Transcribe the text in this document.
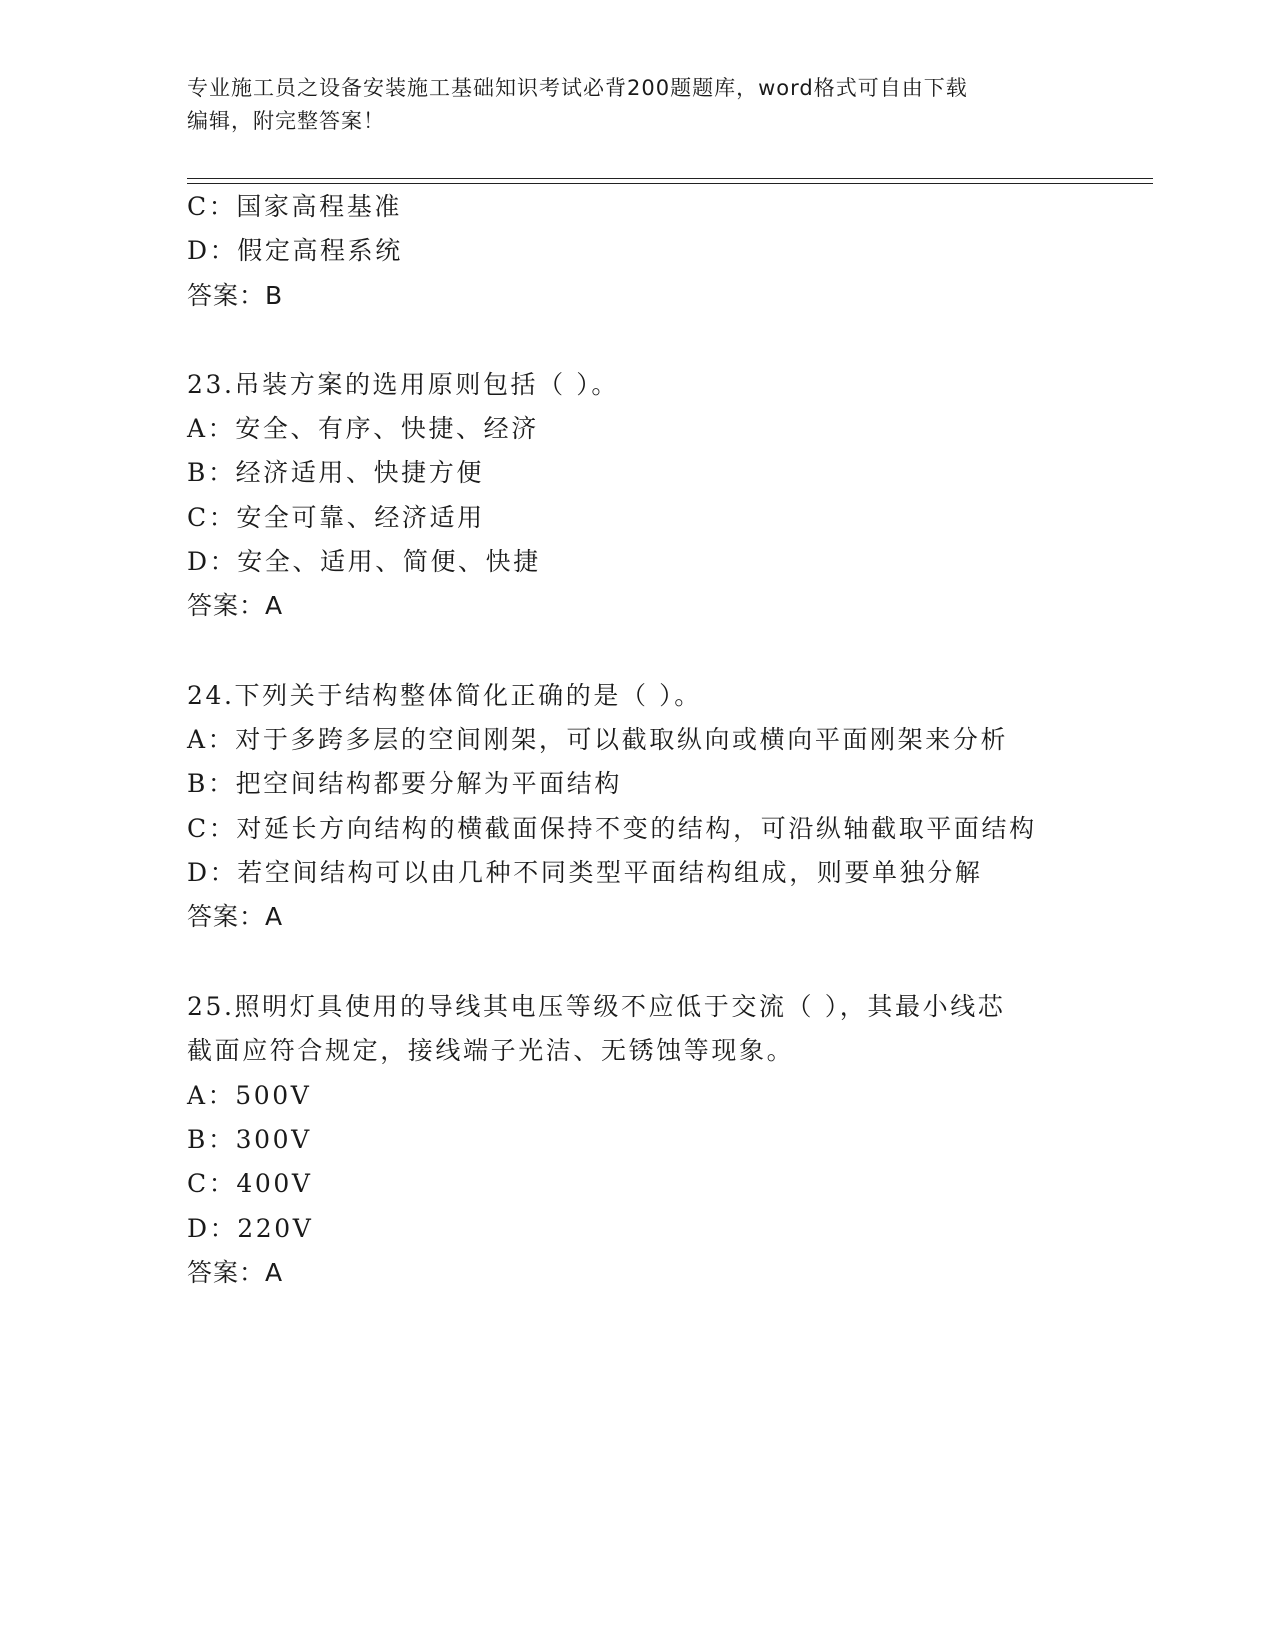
专业施工员之设备安装施工基础知识考试必背200题题库，word格式可自由下载
编辑，附完整答案！
C：国家高程基准
D：假定高程系统
答案：B
23.吊装方案的选用原则包括（ ）。
A：安全、有序、快捷、经济
B：经济适用、快捷方便
C：安全可靠、经济适用
D：安全、适用、简便、快捷
答案：A
24.下列关于结构整体简化正确的是（ ）。
A：对于多跨多层的空间刚架，可以截取纵向或横向平面刚架来分析
B：把空间结构都要分解为平面结构
C：对延长方向结构的横截面保持不变的结构，可沿纵轴截取平面结构
D：若空间结构可以由几种不同类型平面结构组成，则要单独分解
答案：A
25.照明灯具使用的导线其电压等级不应低于交流（ ），其最小线芯
截面应符合规定，接线端子光洁、无锈蚀等现象。
A：500V
B：300V
C：400V
D：220V
答案：A
